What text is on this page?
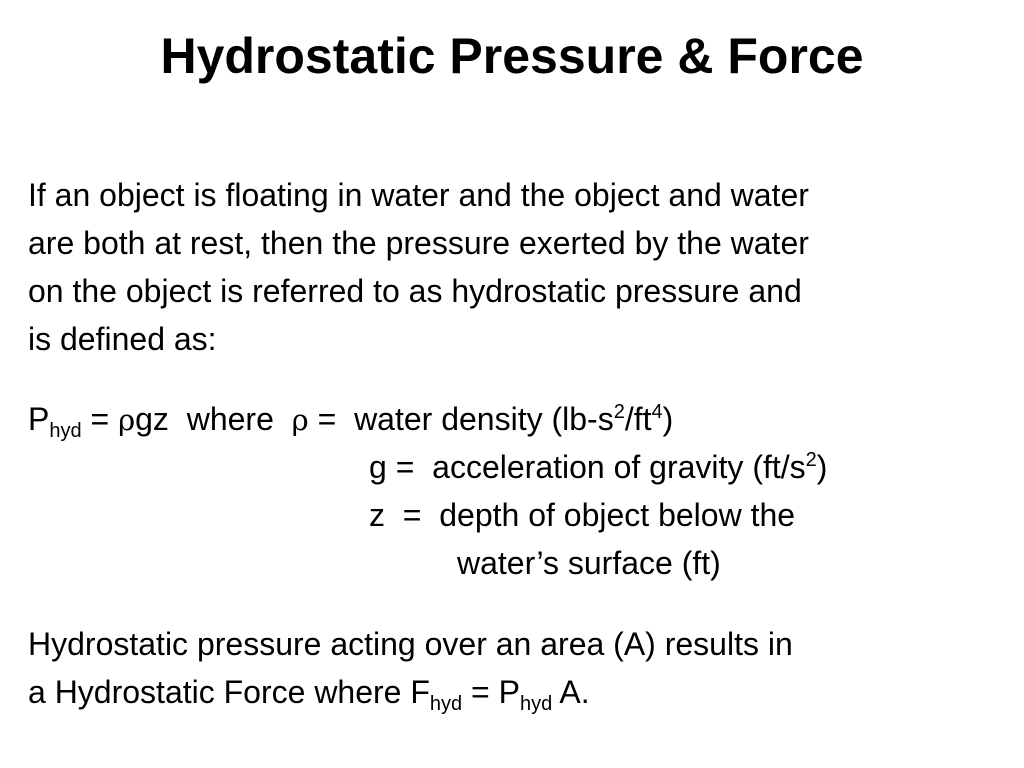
Hydrostatic Pressure & Force
If an object is floating in water and the object and water
are both at rest, then the pressure exerted by the water
on the object is referred to as hydrostatic pressure and
is defined as:
$P_{hyd} = \rho gz$  where  ρ =  water density $(lb-s^2/ft^4)$
g =  acceleration of gravity $(ft/s^2)$
z  =  depth of object below the
water’s surface (ft)
Hydrostatic pressure acting over an area (A) results in
a Hydrostatic Force where $F_{hyd} = P_{hyd}$ A.
